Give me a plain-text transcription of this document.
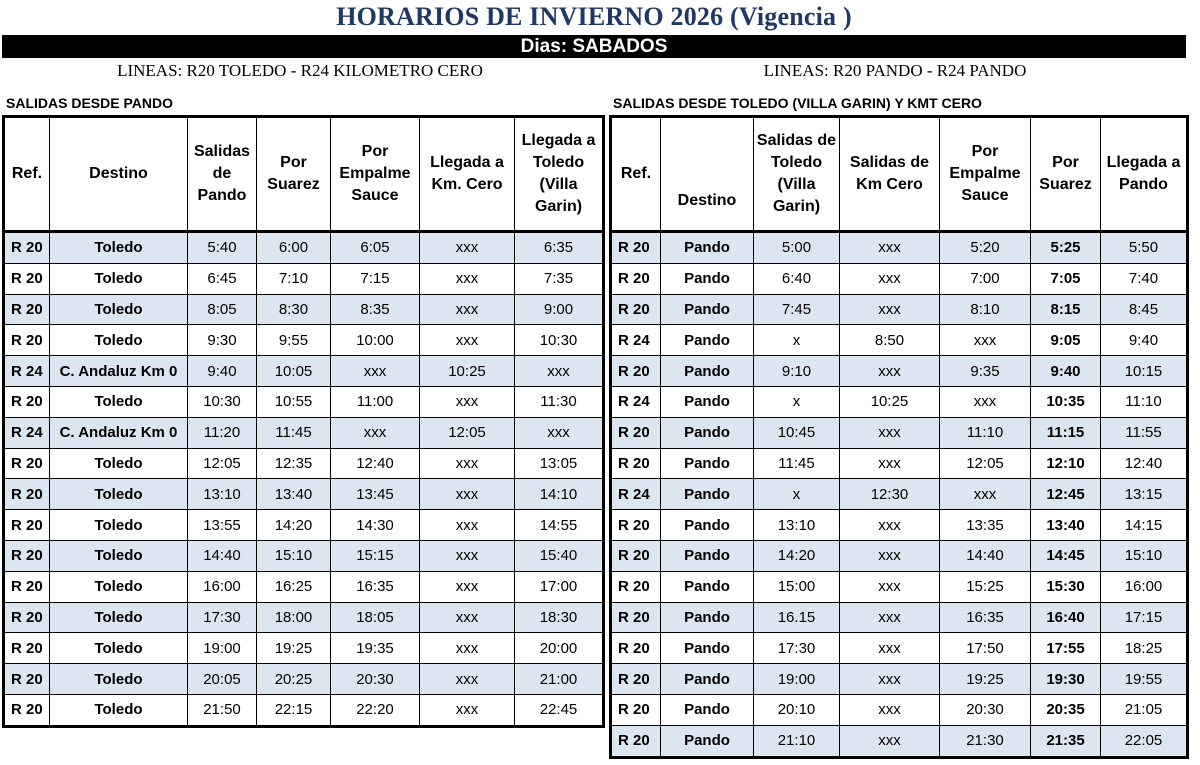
HORARIOS DE INVIERNO 2026 (Vigencia )
Dias: SABADOS
LINEAS: R20 TOLEDO - R24 KILOMETRO CERO	LINEAS: R20 PANDO - R24 PANDO
SALIDAS DESDE PANDO	SALIDAS DESDE TOLEDO (VILLA GARIN) Y KMT CERO
Ref.	Destino	Salidas de Pando	Por Suarez	Por Empalme Sauce	Llegada a Km. Cero	Llegada a Toledo (Villa Garin)
R 20	Toledo	5:40	6:00	6:05	xxx	6:35
R 20	Toledo	6:45	7:10	7:15	xxx	7:35
R 20	Toledo	8:05	8:30	8:35	xxx	9:00
R 20	Toledo	9:30	9:55	10:00	xxx	10:30
R 24	C. Andaluz Km 0	9:40	10:05	xxx	10:25	xxx
R 20	Toledo	10:30	10:55	11:00	xxx	11:30
R 24	C. Andaluz Km 0	11:20	11:45	xxx	12:05	xxx
R 20	Toledo	12:05	12:35	12:40	xxx	13:05
R 20	Toledo	13:10	13:40	13:45	xxx	14:10
R 20	Toledo	13:55	14:20	14:30	xxx	14:55
R 20	Toledo	14:40	15:10	15:15	xxx	15:40
R 20	Toledo	16:00	16:25	16:35	xxx	17:00
R 20	Toledo	17:30	18:00	18:05	xxx	18:30
R 20	Toledo	19:00	19:25	19:35	xxx	20:00
R 20	Toledo	20:05	20:25	20:30	xxx	21:00
R 20	Toledo	21:50	22:15	22:20	xxx	22:45
Ref.	Destino	Salidas de Toledo (Villa Garin)	Salidas de Km Cero	Por Empalme Sauce	Por Suarez	Llegada a Pando
R 20	Pando	5:00	xxx	5:20	5:25	5:50
R 20	Pando	6:40	xxx	7:00	7:05	7:40
R 20	Pando	7:45	xxx	8:10	8:15	8:45
R 24	Pando	x	8:50	xxx	9:05	9:40
R 20	Pando	9:10	xxx	9:35	9:40	10:15
R 24	Pando	x	10:25	xxx	10:35	11:10
R 20	Pando	10:45	xxx	11:10	11:15	11:55
R 20	Pando	11:45	xxx	12:05	12:10	12:40
R 24	Pando	x	12:30	xxx	12:45	13:15
R 20	Pando	13:10	xxx	13:35	13:40	14:15
R 20	Pando	14:20	xxx	14:40	14:45	15:10
R 20	Pando	15:00	xxx	15:25	15:30	16:00
R 20	Pando	16.15	xxx	16:35	16:40	17:15
R 20	Pando	17:30	xxx	17:50	17:55	18:25
R 20	Pando	19:00	xxx	19:25	19:30	19:55
R 20	Pando	20:10	xxx	20:30	20:35	21:05
R 20	Pando	21:10	xxx	21:30	21:35	22:05
